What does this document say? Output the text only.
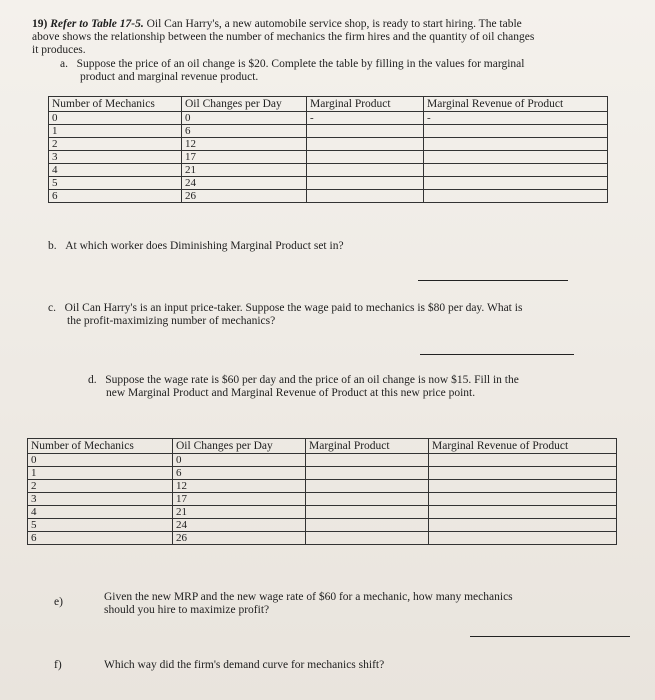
19) Refer to Table 17-5. Oil Can Harry's, a new automobile service shop, is ready to start hiring. The table
above shows the relationship between the number of mechanics the firm hires and the quantity of oil changes
it produces.
a. Suppose the price of an oil change is $20. Complete the table by filling in the values for marginal
product and marginal revenue product.
Number of Mechanics	Oil Changes per Day	Marginal Product	Marginal Revenue of Product
0	0	-	-
1	6		
2	12		
3	17		
4	21		
5	24		
6	26		
b. At which worker does Diminishing Marginal Product set in?
c. Oil Can Harry's is an input price-taker. Suppose the wage paid to mechanics is $80 per day. What is
the profit-maximizing number of mechanics?
d. Suppose the wage rate is $60 per day and the price of an oil change is now $15. Fill in the
new Marginal Product and Marginal Revenue of Product at this new price point.
Number of Mechanics	Oil Changes per Day	Marginal Product	Marginal Revenue of Product
0	0		
1	6		
2	12		
3	17		
4	21		
5	24		
6	26		
e)	Given the new MRP and the new wage rate of $60 for a mechanic, how many mechanics
should you hire to maximize profit?
f)	Which way did the firm's demand curve for mechanics shift?
